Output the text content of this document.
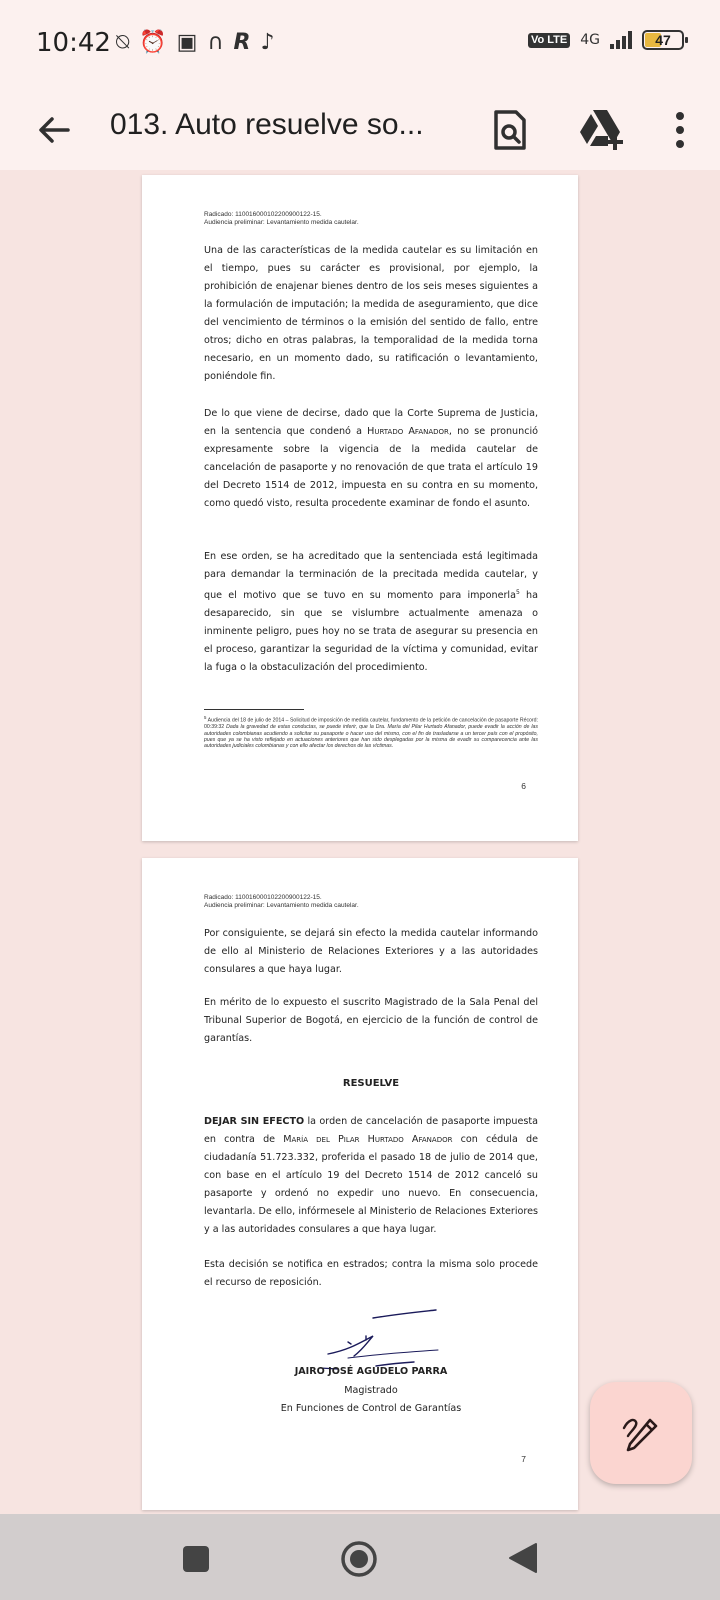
10:42 ⍉ ⏰ ▣ ∩ R ♪	Vo LTE 4G	47
013. Auto resuelve so...
Radicado: 110016000102200900122-15.
Audiencia preliminar: Levantamiento medida cautelar.

Una de las características de la medida cautelar es su limitación en el tiempo, pues su carácter es provisional, por ejemplo, la prohibición de enajenar bienes dentro de los seis meses siguientes a la formulación de imputación; la medida de aseguramiento, que dice del vencimiento de términos o la emisión del sentido de fallo, entre otros; dicho en otras palabras, la temporalidad de la medida torna necesario, en un momento dado, su ratificación o levantamiento, poniéndole fin.

De lo que viene de decirse, dado que la Corte Suprema de Justicia, en la sentencia que condenó a Hurtado Afanador, no se pronunció expresamente sobre la vigencia de la medida cautelar de cancelación de pasaporte y no renovación de que trata el artículo 19 del Decreto 1514 de 2012, impuesta en su contra en su momento, como quedó visto, resulta procedente examinar de fondo el asunto.

En ese orden, se ha acreditado que la sentenciada está legitimada para demandar la terminación de la precitada medida cautelar, y que el motivo que se tuvo en su momento para imponerla$^5$ ha desaparecido, sin que se vislumbre actualmente amenaza o inminente peligro, pues hoy no se trata de asegurar su presencia en el proceso, garantizar la seguridad de la víctima y comunidad, evitar la fuga o la obstaculización del procedimiento.

$^5$ Audiencia del 18 de julio de 2014 – Solicitud de imposición de medida cautelar, fundamento de la petición de cancelación de pasaporte Récord: 00:39:32 Dada la gravedad de estas conductas, se puede inferir, que la Dra. María del Pilar Hurtado Afanador, puede evadir la acción de las autoridades colombianas acudiendo a solicitar su pasaporte o hacer uso del mismo, con el fin de trasladarse a un tercer país con el propósito, pues que ya se ha visto reflejado en actuaciones anteriores que han sido desplegadas por la misma de evadir su comparecencia ante las autoridades judiciales colombianas y con ello afectar los derechos de las víctimas.
6
Radicado: 110016000102200900122-15.
Audiencia preliminar: Levantamiento medida cautelar.

Por consiguiente, se dejará sin efecto la medida cautelar informando de ello al Ministerio de Relaciones Exteriores y a las autoridades consulares a que haya lugar.

En mérito de lo expuesto el suscrito Magistrado de la Sala Penal del Tribunal Superior de Bogotá, en ejercicio de la función de control de garantías.

RESUELVE

DEJAR SIN EFECTO la orden de cancelación de pasaporte impuesta en contra de María del Pilar Hurtado Afanador con cédula de ciudadanía 51.723.332, proferida el pasado 18 de julio de 2014 que, con base en el artículo 19 del Decreto 1514 de 2012 canceló su pasaporte y ordenó no expedir uno nuevo. En consecuencia, levantarla. De ello, infórmesele al Ministerio de Relaciones Exteriores y a las autoridades consulares a que haya lugar.

Esta decisión se notifica en estrados; contra la misma solo procede el recurso de reposición.

JAIRO JOSÉ AGUDELO PARRA
Magistrado
En Funciones de Control de Garantías
7
